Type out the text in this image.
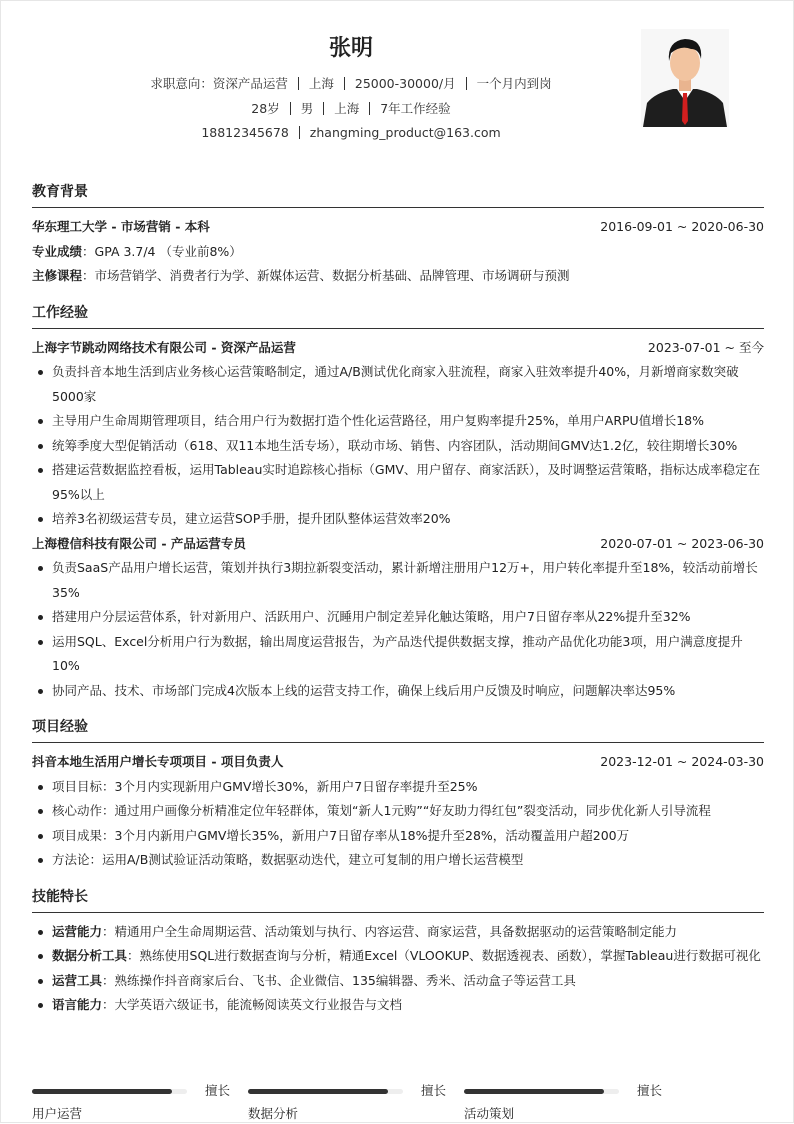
张明
求职意向：资深产品运营 上海 25000-30000/月 一个月内到岗
28岁 男 上海 7年工作经验
18812345678 zhangming_product@163.com
教育背景
华东理工大学 - 市场营销 - 本科	2016-09-01 ~ 2020-06-30
专业成绩：GPA 3.7/4 （专业前8%）
主修课程：市场营销学、消费者行为学、新媒体运营、数据分析基础、品牌管理、市场调研与预测
工作经验
上海字节跳动网络技术有限公司 - 资深产品运营	2023-07-01 ~ 至今
负责抖音本地生活到店业务核心运营策略制定，通过A/B测试优化商家入驻流程，商家入驻效率提升40%，月新增商家数突破5000家
主导用户生命周期管理项目，结合用户行为数据打造个性化运营路径，用户复购率提升25%，单用户ARPU值增长18%
统筹季度大型促销活动（618、双11本地生活专场），联动市场、销售、内容团队，活动期间GMV达1.2亿，较往期增长30%
搭建运营数据监控看板，运用Tableau实时追踪核心指标（GMV、用户留存、商家活跃），及时调整运营策略，指标达成率稳定在95%以上
培养3名初级运营专员，建立运营SOP手册，提升团队整体运营效率20%
上海橙信科技有限公司 - 产品运营专员	2020-07-01 ~ 2023-06-30
负责SaaS产品用户增长运营，策划并执行3期拉新裂变活动，累计新增注册用户12万+，用户转化率提升至18%，较活动前增长35%
搭建用户分层运营体系，针对新用户、活跃用户、沉睡用户制定差异化触达策略，用户7日留存率从22%提升至32%
运用SQL、Excel分析用户行为数据，输出周度运营报告，为产品迭代提供数据支撑，推动产品优化功能3项，用户满意度提升10%
协同产品、技术、市场部门完成4次版本上线的运营支持工作，确保上线后用户反馈及时响应，问题解决率达95%
项目经验
抖音本地生活用户增长专项项目 - 项目负责人	2023-12-01 ~ 2024-03-30
项目目标：3个月内实现新用户GMV增长30%，新用户7日留存率提升至25%
核心动作：通过用户画像分析精准定位年轻群体，策划“新人1元购”“好友助力得红包”裂变活动，同步优化新人引导流程
项目成果：3个月内新用户GMV增长35%，新用户7日留存率从18%提升至28%，活动覆盖用户超200万
方法论：运用A/B测试验证活动策略，数据驱动迭代，建立可复制的用户增长运营模型
技能特长
运营能力：精通用户全生命周期运营、活动策划与执行、内容运营、商家运营，具备数据驱动的运营策略制定能力
数据分析工具：熟练使用SQL进行数据查询与分析，精通Excel（VLOOKUP、数据透视表、函数），掌握Tableau进行数据可视化
运营工具：熟练操作抖音商家后台、飞书、企业微信、135编辑器、秀米、活动盒子等运营工具
语言能力：大学英语六级证书，能流畅阅读英文行业报告与文档
擅长
用户运营
擅长
数据分析
擅长
活动策划
